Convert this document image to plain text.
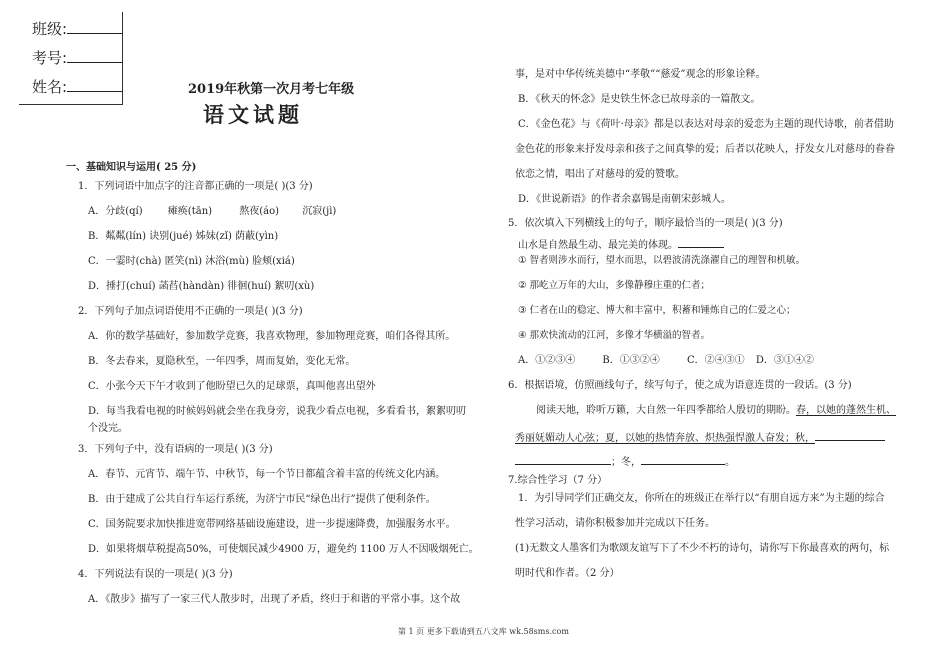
班级:
考号:
姓名:	2019年秋第一次月考七年级
语文试题
一、基础知识与运用( 25 分)
1．下列词语中加点字的注音都正确的一项是( )(3 分)
A．分歧(qí)	瘫痪(tān)	熬夜(áo) 沉寂(jì)
B．粼粼(lín) 诀别(jué) 姊妹(zǐ) 荫蔽(yìn)
C．一霎时(chà) 匿笑(nì) 沐浴(mù) 脸颊(xiá)
D．捶打(chuí) 菡萏(hàndàn) 徘徊(huí) 絮叨(xù)
2．下列句子加点词语使用不正确的一项是( )(3 分)
A．你的数学基础好，参加数学竞赛，我喜欢物理，参加物理竞赛，咱们各得其所。
B．冬去春来，夏隐秋至，一年四季，周而复始，变化无常。
C．小张今天下午才收到了他盼望已久的足球票，真叫他喜出望外
D．每当我看电视的时候妈妈就会坐在我身旁，说我少看点电视，多看看书，絮絮叨叨
个没完。
3．下列句子中，没有语病的一项是( )(3 分)
A．春节、元宵节、端午节、中秋节，每一个节日都蕴含着丰富的传统文化内涵。
B．由于建成了公共自行车运行系统，为济宁市民“绿色出行”提供了便利条件。
C．国务院要求加快推进宽带网络基础设施建设，进一步提速降费，加强服务水平。
D．如果将烟草税提高50%，可使烟民减少4900 万，避免约 1100 万人不因吸烟死亡。
4．下列说法有误的一项是( )(3 分)
A．《散步》描写了一家三代人散步时，出现了矛盾，终归于和谐的平常小事。这个故
事，是对中华传统美德中“孝敬”“慈爱”观念的形象诠释。
B．《秋天的怀念》是史铁生怀念已故母亲的一篇散文。
C．《金色花》与《荷叶·母亲》都是以表达对母亲的爱恋为主题的现代诗歌，前者借助
金色花的形象来抒发母亲和孩子之间真挚的爱；后者以花映人，抒发女儿对慈母的眷眷
依恋之情，唱出了对慈母的爱的赞歌。
D．《世说新语》的作者余嘉锡是南朝宋彭城人。
5．依次填入下列横线上的句子，顺序最恰当的一项是( )(3 分)
山水是自然最生动、最完美的体现。
① 智者则涉水而行，望水而思，以碧波清洗涤濯自己的理智和机敏。
② 那屹立万年的大山，多像静穆庄重的仁者；
③ 仁者在山的稳定、博大和丰富中，积蓄和锤炼自己的仁爱之心；
④ 那欢快流动的江河，多像才华横溢的智者。
A．①②③④	B．①③②④	C．②④③① D．③①④②
6．根据语境，仿照画线句子，续写句子，使之成为语意连贯的一段话。(3 分)
阅读天地，聆听万籁，大自然一年四季都给人殷切的期盼。春，以她的蓬然生机、
秀丽妩媚动人心弦；夏，以她的热情奔放、炽热强悍激人奋发；秋，
；冬，	。
7.综合性学习（7 分）
1．为引导同学们正确交友，你所在的班级正在举行以“有朋自远方来”为主题的综合
性学习活动，请你积极参加并完成以下任务。
(1)无数文人墨客们为歌颂友谊写下了不少不朽的诗句，请你写下你最喜欢的两句，标
明时代和作者。（2 分）
第 1 页 更多下载请到五八文库 wk.58sms.com
